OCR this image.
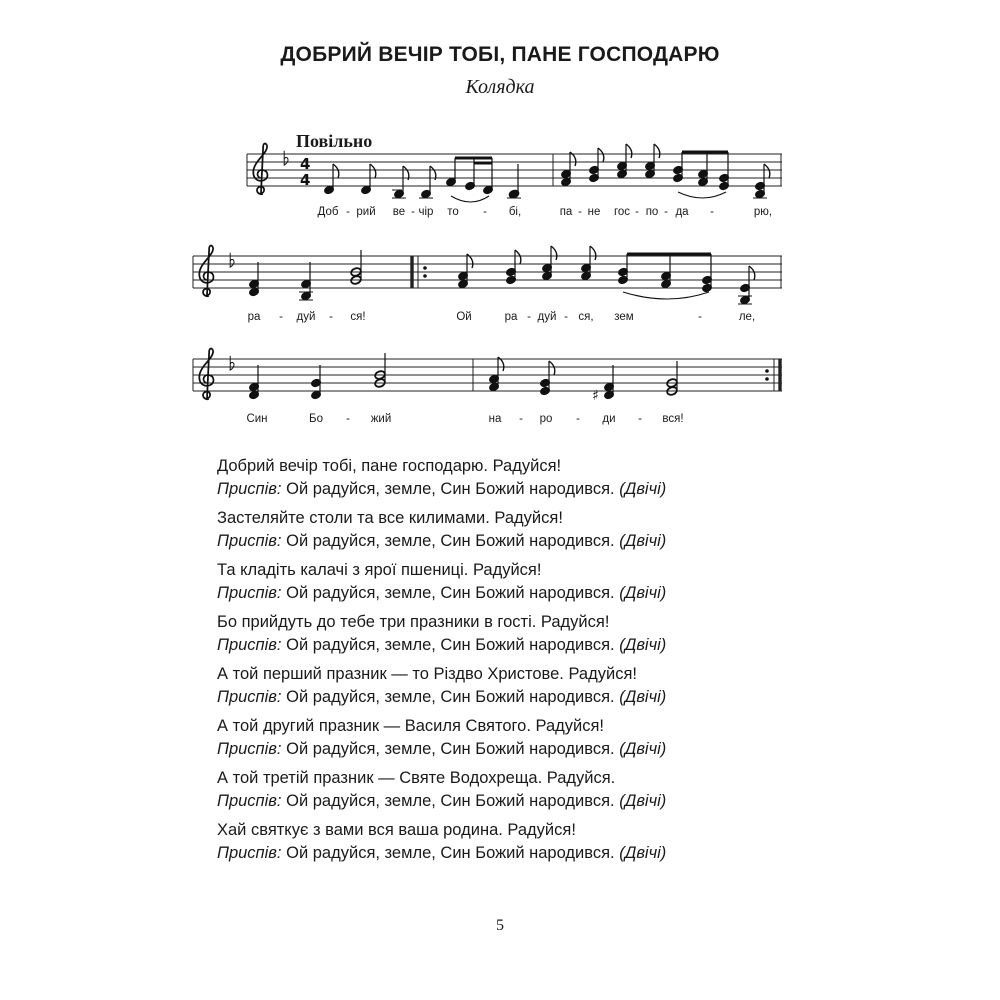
ДОБРИЙ ВЕЧІР ТОБІ, ПАНЕ ГОСПОДАРЮ
Колядка
Повільно
4
4
Доб - рий ве - чір то - бі,	па - не гос - по - да -	рю,
ра - дуй - ся!	Ой	ра - дуй - ся, зем	-	ле,
♯
Син	Бо - жий	на - ро - ди - вся!
Добрий вечір тобі, пане господарю. Радуйся!
Приспів: Ой радуйся, земле, Син Божий народився. (Двічі)
Застеляйте столи та все килимами. Радуйся!
Приспів: Ой радуйся, земле, Син Божий народився. (Двічі)
Та кладіть калачі з ярої пшениці. Радуйся!
Приспів: Ой радуйся, земле, Син Божий народився. (Двічі)
Бо прийдуть до тебе три празники в гості. Радуйся!
Приспів: Ой радуйся, земле, Син Божий народився. (Двічі)
А той перший празник — то Різдво Христове. Радуйся!
Приспів: Ой радуйся, земле, Син Божий народився. (Двічі)
А той другий празник — Василя Святого. Радуйся!
Приспів: Ой радуйся, земле, Син Божий народився. (Двічі)
А той третій празник — Святе Водохреща. Радуйся.
Приспів: Ой радуйся, земле, Син Божий народився. (Двічі)
Хай святкує з вами вся ваша родина. Радуйся!
Приспів: Ой радуйся, земле, Син Божий народився. (Двічі)
5
